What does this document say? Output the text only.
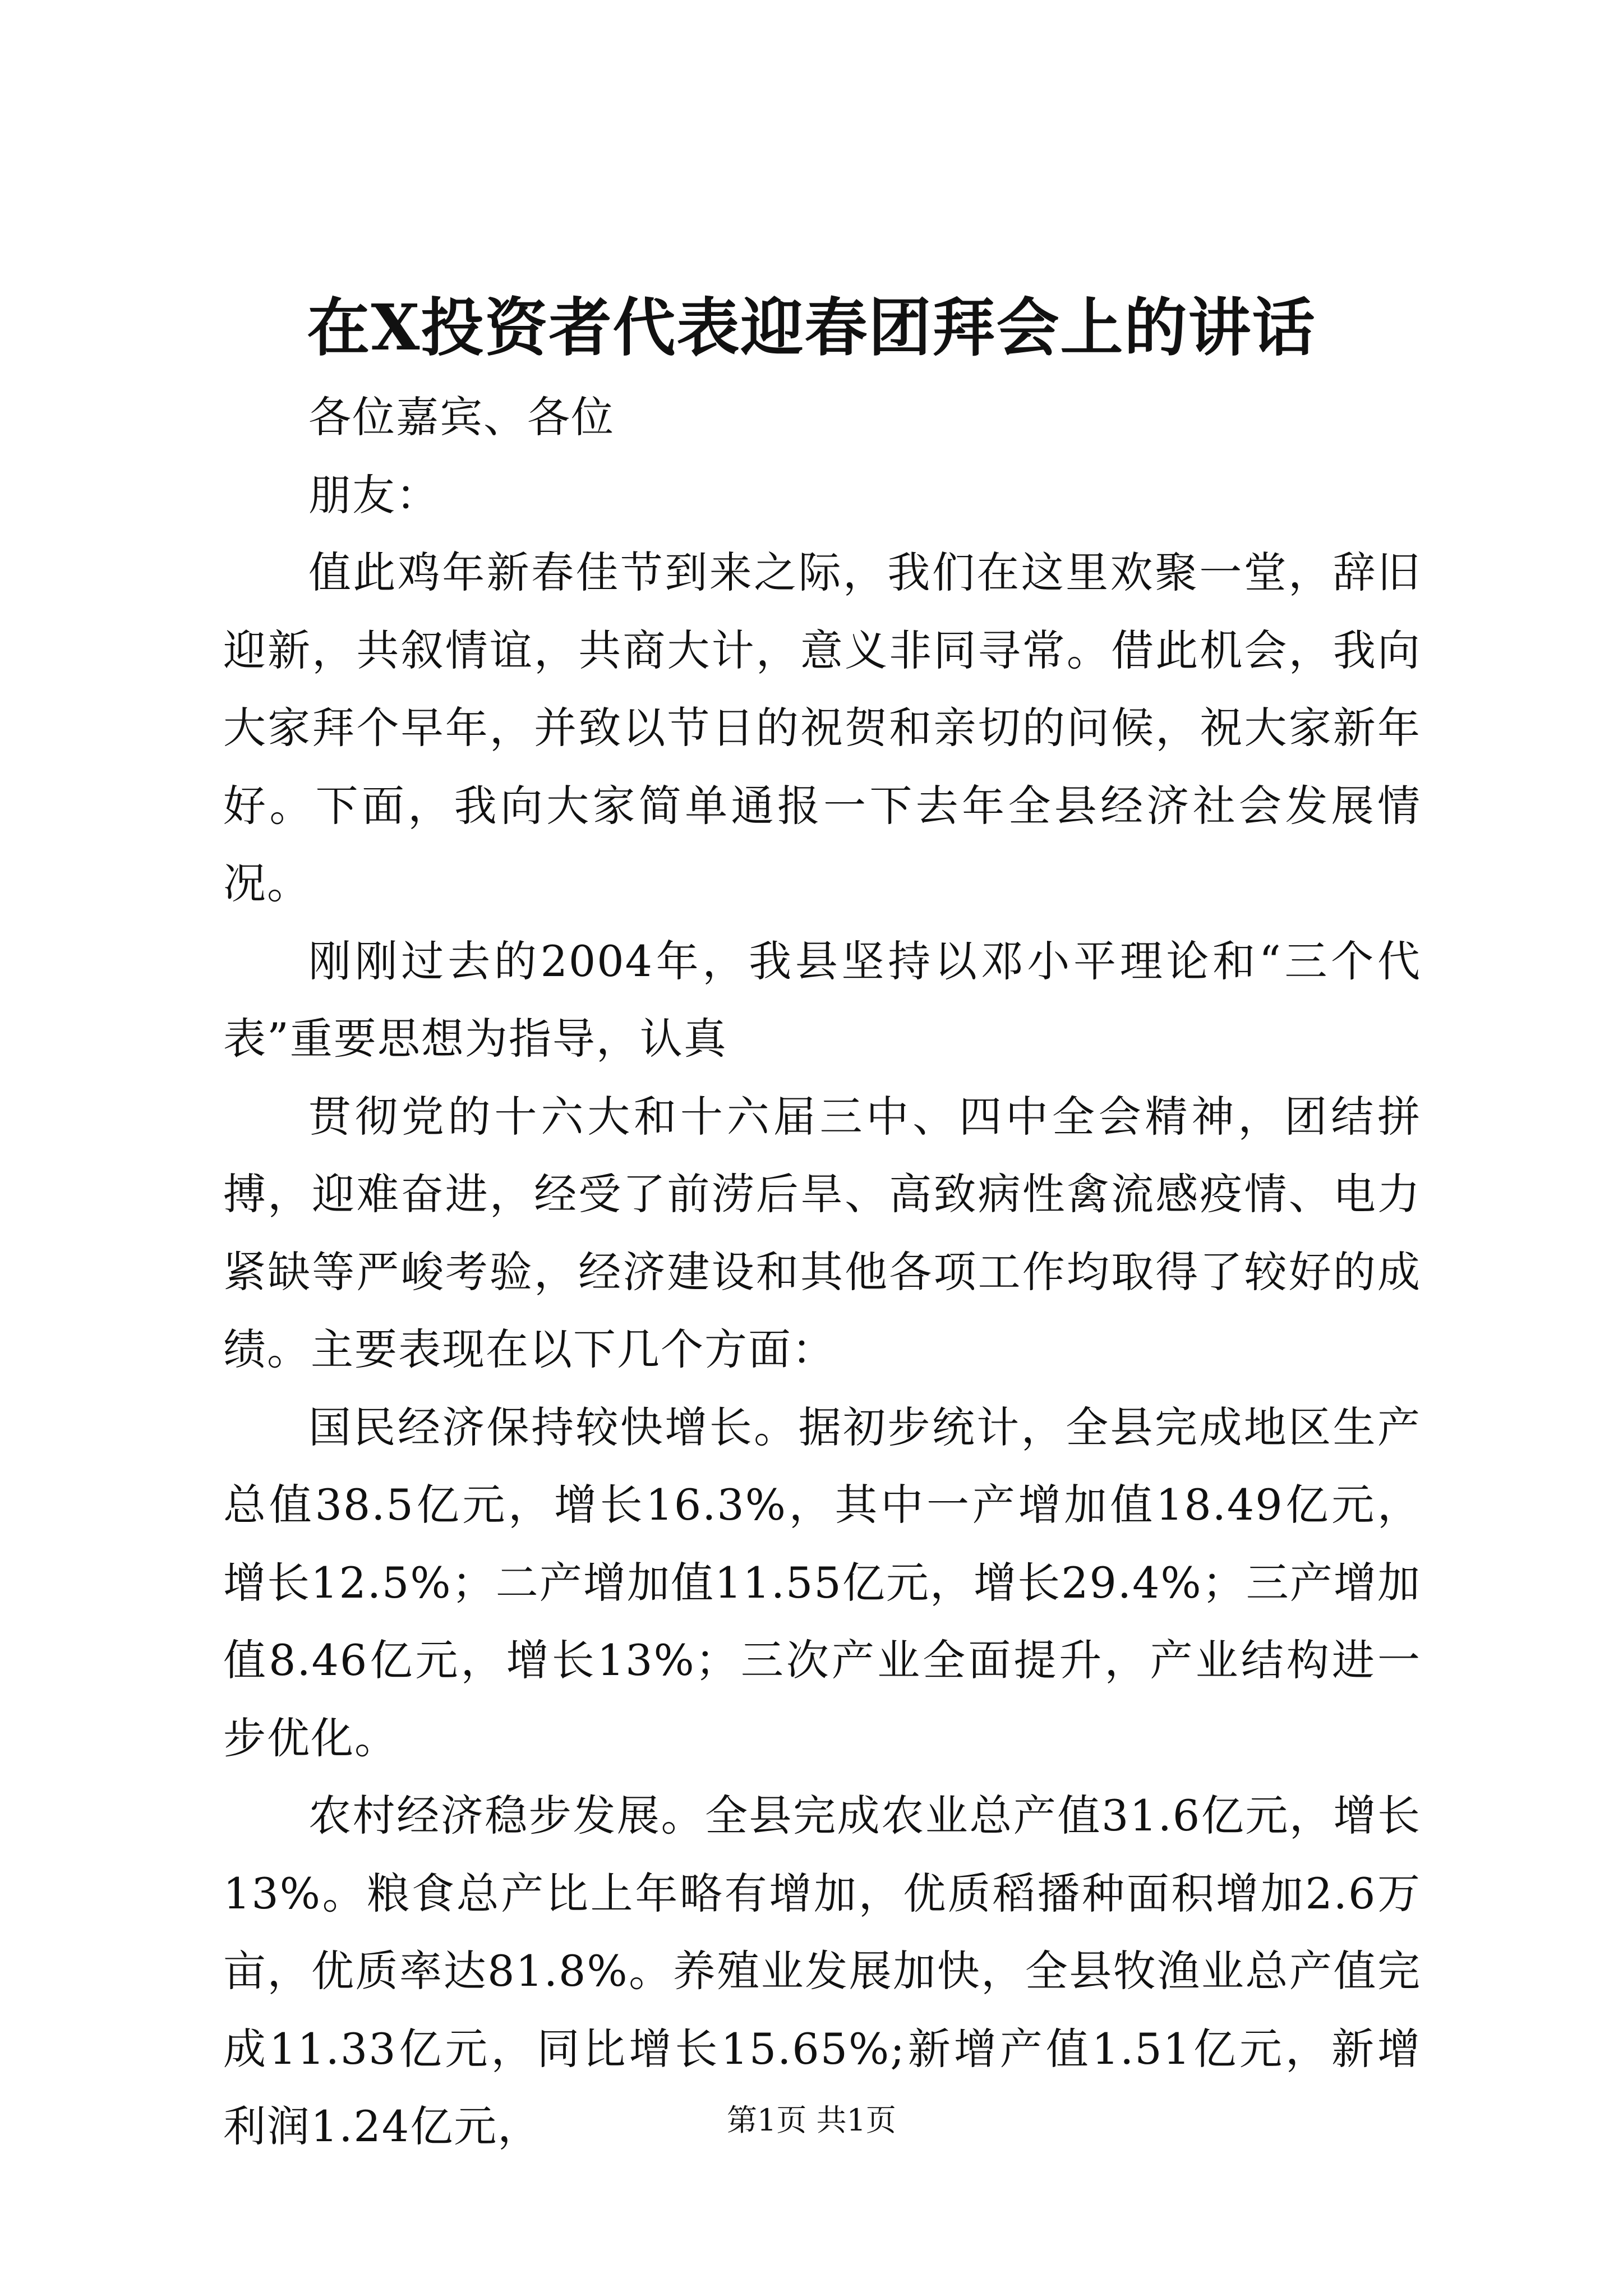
在X投资者代表迎春团拜会上的讲话

各位嘉宾、各位

朋友：

值此鸡年新春佳节到来之际，我们在这里欢聚一堂，辞旧迎新，共叙情谊，共商大计，意义非同寻常。借此机会，我向大家拜个早年，并致以节日的祝贺和亲切的问候，祝大家新年好。下面，我向大家简单通报一下去年全县经济社会发展情况。

刚刚过去的2004年，我县坚持以邓小平理论和“三个代表”重要思想为指导，认真

贯彻党的十六大和十六届三中、四中全会精神，团结拼搏，迎难奋进，经受了前涝后旱、高致病性禽流感疫情、电力紧缺等严峻考验，经济建设和其他各项工作均取得了较好的成绩。主要表现在以下几个方面：

国民经济保持较快增长。据初步统计，全县完成地区生产总值38.5亿元，增长16.3%，其中一产增加值18.49亿元，增长12.5%；二产增加值11.55亿元，增长29.4%；三产增加值8.46亿元，增长13%；三次产业全面提升，产业结构进一步优化。

农村经济稳步发展。全县完成农业总产值31.6亿元，增长13%。粮食总产比上年略有增加，优质稻播种面积增加2.6万亩，优质率达81.8%。养殖业发展加快，全县牧渔业总产值完成11.33亿元，同比增长15.65%;新增产值1.51亿元，新增利润1.24亿元，	第1页 共1页
